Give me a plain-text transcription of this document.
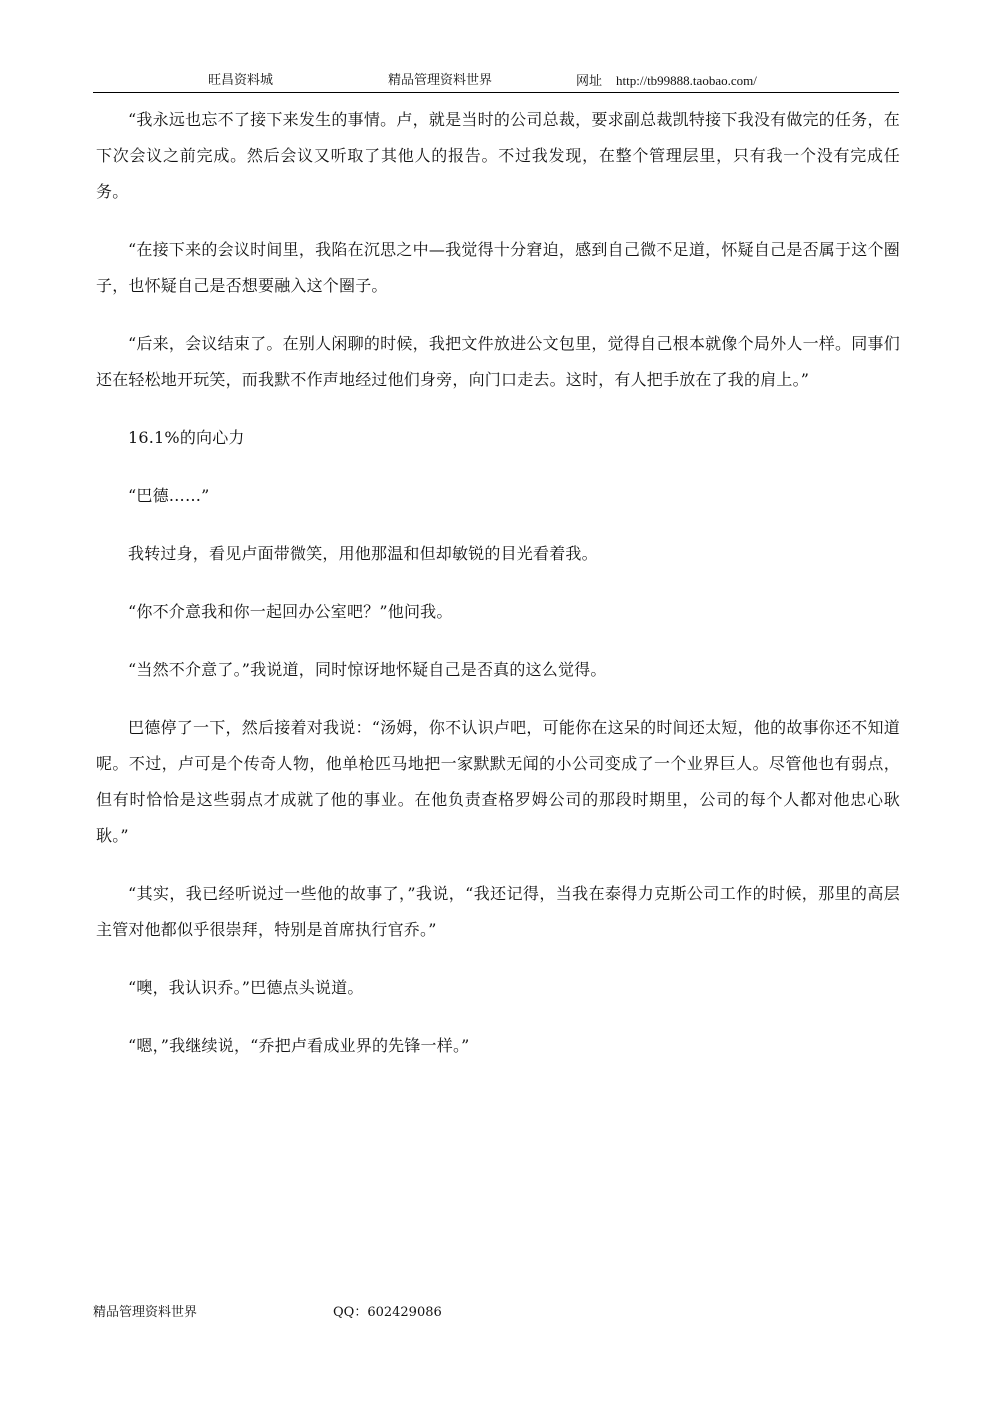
旺昌资料城	精品管理资料世界	网址 http://tb99888.taobao.com/

“我永远也忘不了接下来发生的事情。卢，就是当时的公司总裁，要求副总裁凯特接下我没有做完的任务，在下次会议之前完成。然后会议又听取了其他人的报告。不过我发现，在整个管理层里，只有我一个没有完成任务。

“在接下来的会议时间里，我陷在沉思之中—我觉得十分窘迫，感到自己微不足道，怀疑自己是否属于这个圈子，也怀疑自己是否想要融入这个圈子。

“后来，会议结束了。在别人闲聊的时候，我把文件放进公文包里，觉得自己根本就像个局外人一样。同事们还在轻松地开玩笑，而我默不作声地经过他们身旁，向门口走去。这时，有人把手放在了我的肩上。”

16.1%的向心力

“巴德……”

我转过身，看见卢面带微笑，用他那温和但却敏锐的目光看着我。

“你不介意我和你一起回办公室吧？”他问我。

“当然不介意了。”我说道，同时惊讶地怀疑自己是否真的这么觉得。

巴德停了一下，然后接着对我说：“汤姆，你不认识卢吧，可能你在这呆的时间还太短，他的故事你还不知道呢。不过，卢可是个传奇人物，他单枪匹马地把一家默默无闻的小公司变成了一个业界巨人。尽管他也有弱点，但有时恰恰是这些弱点才成就了他的事业。在他负责查格罗姆公司的那段时期里，公司的每个人都对他忠心耿耿。”

“其实，我已经听说过一些他的故事了，”我说，“我还记得，当我在泰得力克斯公司工作的时候，那里的高层主管对他都似乎很崇拜，特别是首席执行官乔。”

“噢，我认识乔。”巴德点头说道。

“嗯，”我继续说，“乔把卢看成业界的先锋一样。”

精品管理资料世界	QQ：602429086
